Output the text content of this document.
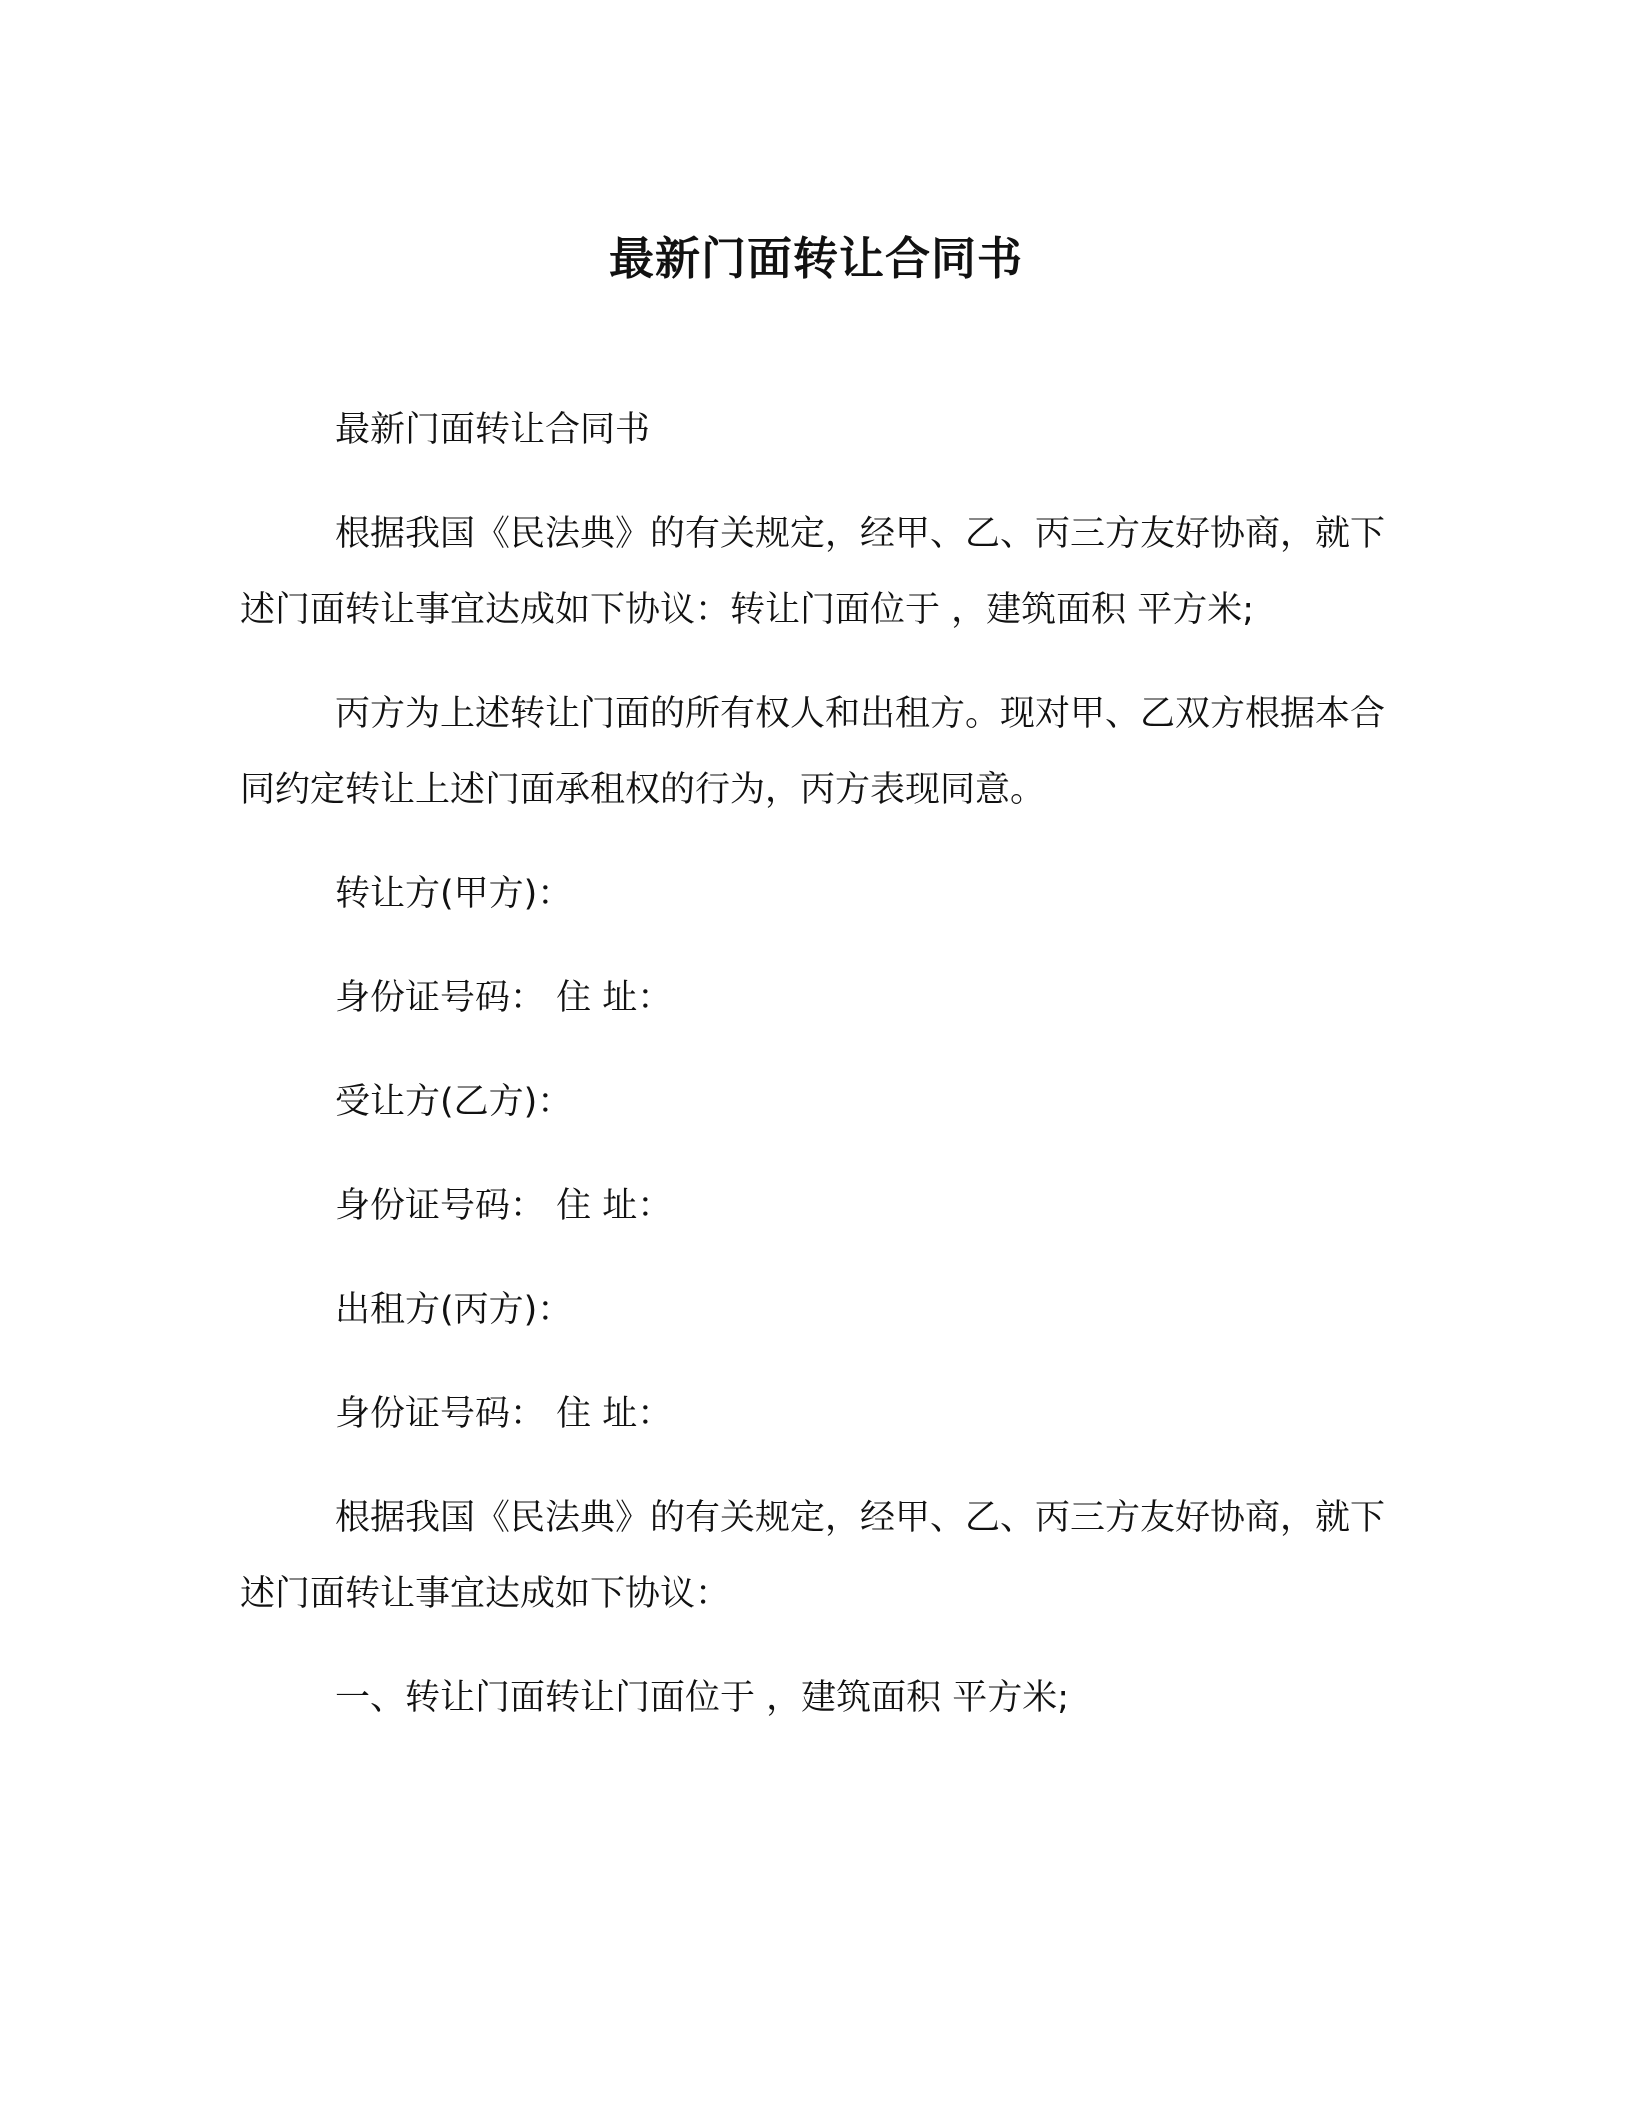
最新门面转让合同书

最新门面转让合同书

根据我国《民法典》的有关规定，经甲、乙、丙三方友好协商，就下述门面转让事宜达成如下协议：转让门面位于 ，建筑面积 平方米;

丙方为上述转让门面的所有权人和出租方。现对甲、乙双方根据本合同约定转让上述门面承租权的行为，丙方表现同意。

转让方(甲方)：

身份证号码： 住 址：

受让方(乙方)：

身份证号码： 住 址：

出租方(丙方)：

身份证号码： 住 址：

根据我国《民法典》的有关规定，经甲、乙、丙三方友好协商，就下述门面转让事宜达成如下协议：

一、转让门面转让门面位于 ，建筑面积 平方米;
